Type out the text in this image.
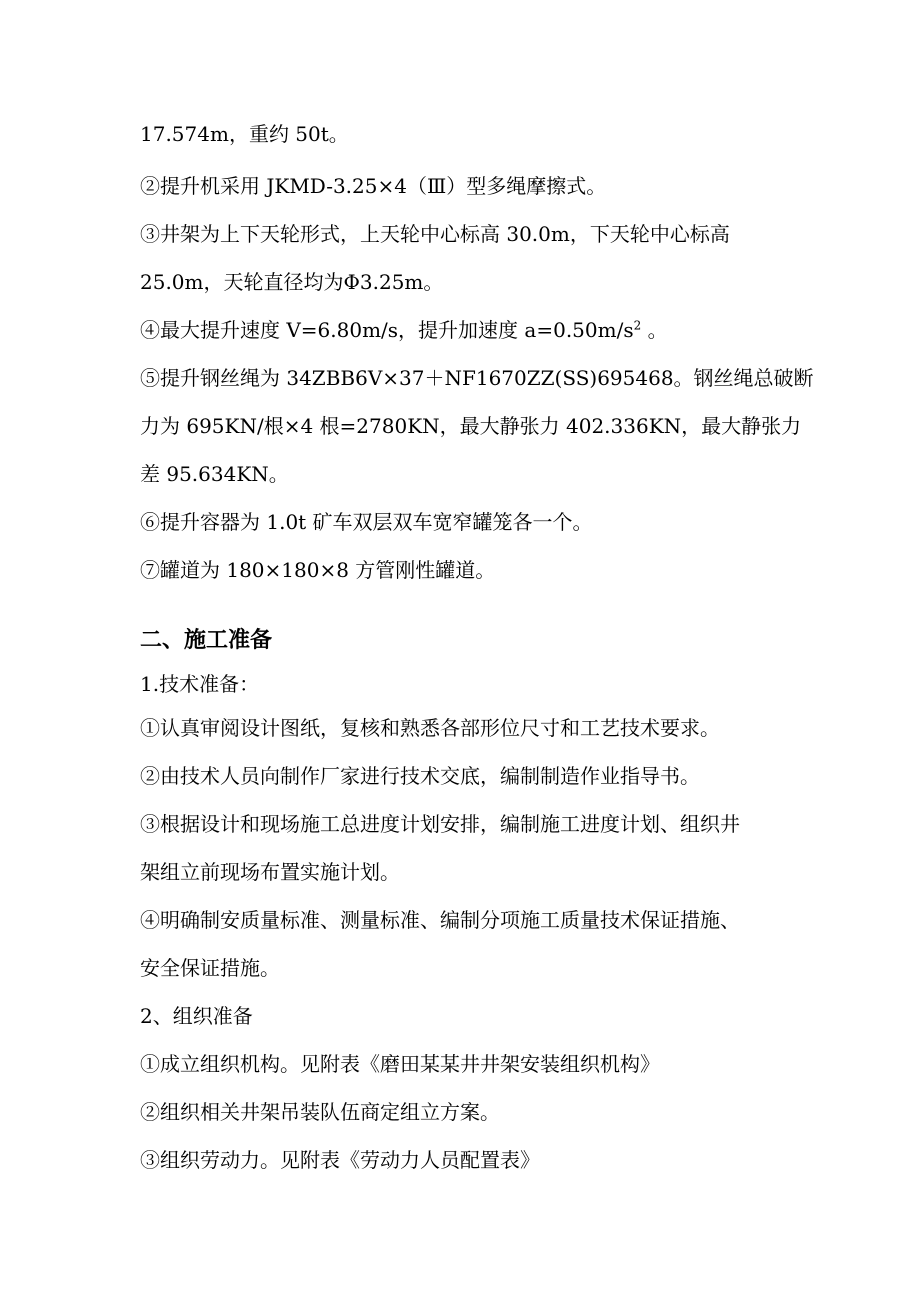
17.574m，重约 50t。
②提升机采用 JKMD-3.25×4（Ⅲ）型多绳摩擦式。
③井架为上下天轮形式，上天轮中心标高 30.0m，下天轮中心标高
25.0m，天轮直径均为Φ3.25m。
④最大提升速度 V=6.80m/s，提升加速度 $a=0.50m/s^2$ 。
⑤提升钢丝绳为 34ZBB6V×37＋NF1670ZZ(SS)695468。钢丝绳总破断
力为 695KN/根×4 根=2780KN，最大静张力 402.336KN，最大静张力
差 95.634KN。
⑥提升容器为 1.0t 矿车双层双车宽窄罐笼各一个。
⑦罐道为 180×180×8 方管刚性罐道。
二、施工准备
1.技术准备：
①认真审阅设计图纸，复核和熟悉各部形位尺寸和工艺技术要求。
②由技术人员向制作厂家进行技术交底，编制制造作业指导书。
③根据设计和现场施工总进度计划安排，编制施工进度计划、组织井
架组立前现场布置实施计划。
④明确制安质量标准、测量标准、编制分项施工质量技术保证措施、
安全保证措施。
2、组织准备
①成立组织机构。见附表《磨田某某井井架安装组织机构》
②组织相关井架吊装队伍商定组立方案。
③组织劳动力。见附表《劳动力人员配置表》
